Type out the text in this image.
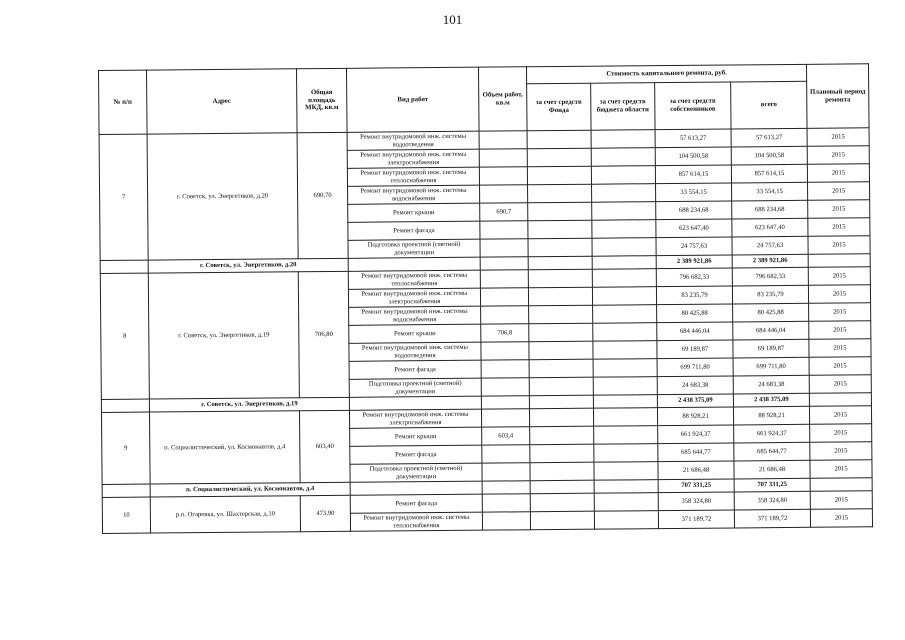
101
№ п/п	Адрес	Общая площадь МКД, кв.м	Вид работ	Объем работ, кв.м	Стоимость капитального ремонта, руб.				Плановый период ремонта
					за счет средств Фонда	за счет средств бюджета области	за счет средств собственников	всего	
7	г. Советск, ул. Энергетиков, д.20	690,70	Ремонт внутридомовой инж. системы водоотведения				57 613,27	57 613,27	2015
			Ремонт внутридомовой инж. системы электроснабжения				104 500,58	104 500,58	2015
			Ремонт внутридомовой инж. системы теплоснабжения				857 614,15	857 614,15	2015
			Ремонт внутридомовой инж. системы водоснабжения				33 554,15	33 554,15	2015
			Ремонт крыши	690,7			688 234,68	688 234,68	2015
			Ремонт фасада				623 647,40	623 647,40	2015
			Подготовка проектной (сметной) документации				24 757,63	24 757,63	2015
	г. Советск, ул. Энергетиков, д.20						2 389 921,86	2 389 921,86	
8	г. Советск, ул. Энергетиков, д.19	706,80	Ремонт внутридомовой инж. системы теплоснабжения				796 682,33	796 682,33	2015
			Ремонт внутридомовой инж. системы электроснабжения				83 235,79	83 235,79	2015
			Ремонт внутридомовой инж. системы водоснабжения				80 425,88	80 425,88	2015
			Ремонт крыши	706,8			684 446,04	684 446,04	2015
			Ремонт внутридомовой инж. системы водоотведения				69 189,87	69 189,87	2015
			Ремонт фасада				699 711,80	699 711,80	2015
			Подготовка проектной (сметной) документации				24 683,38	24 683,38	2015
	г. Советск, ул. Энергетиков, д.19						2 438 375,09	2 438 375,09	
9	п. Социалистический, ул. Космонавтов, д.4	603,40	Ремонт внутридомовой инж. системы электроснабжения				88 928,21	88 928,21	2015
			Ремонт крыши	603,4			661 924,37	661 924,37	2015
			Ремонт фасада				685 644,77	685 644,77	2015
			Подготовка проектной (сметной) документации				21 686,48	21 686,48	2015
	п. Социалистический, ул. Космонавтов, д.4						707 331,25	707 331,25	
10	р.п. Огаревка, ул. Шахтерская, д.10	473,90	Ремонт фасада				358 324,80	358 324,80	2015
			Ремонт внутридомовой инж. системы теплоснабжения				371 189,72	371 189,72	2015
